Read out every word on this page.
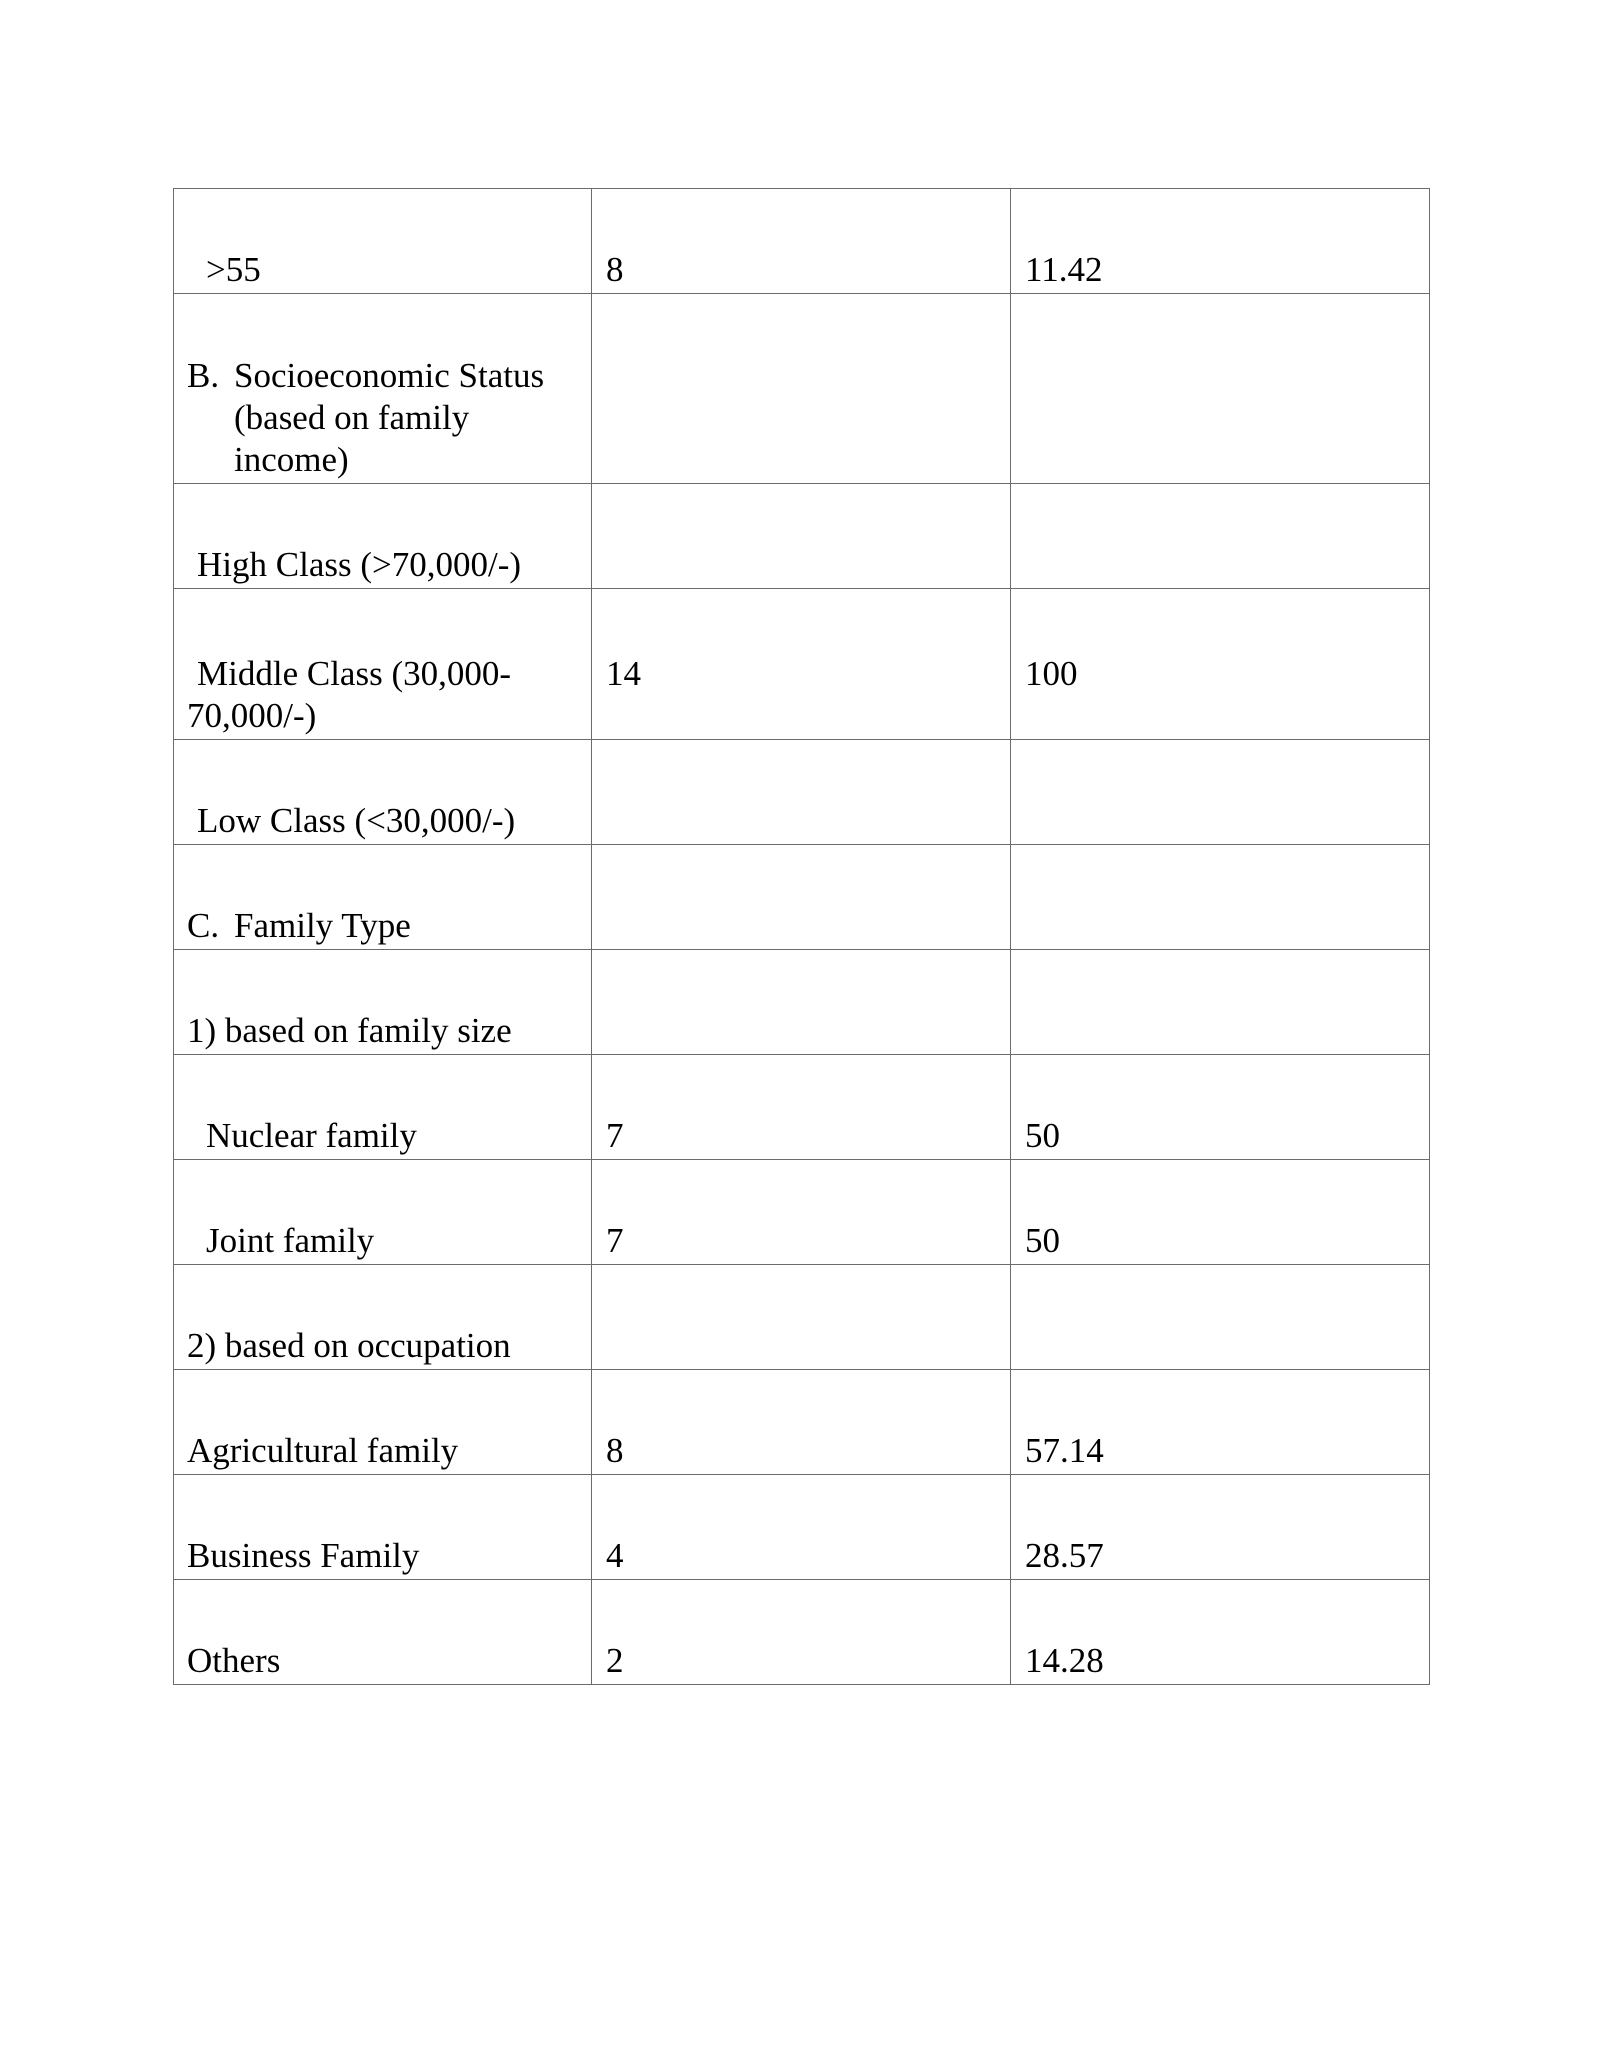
>55	8	11.42

B. Socioeconomic Status (based on family income)		

High Class (>70,000/-)		

Middle Class (30,000-70,000/-)	14	100

Low Class (<30,000/-)		

C. Family Type		

1) based on family size		

Nuclear family	7	50

Joint family	7	50

2) based on occupation		

Agricultural family	8	57.14

Business Family	4	28.57

Others	2	14.28
